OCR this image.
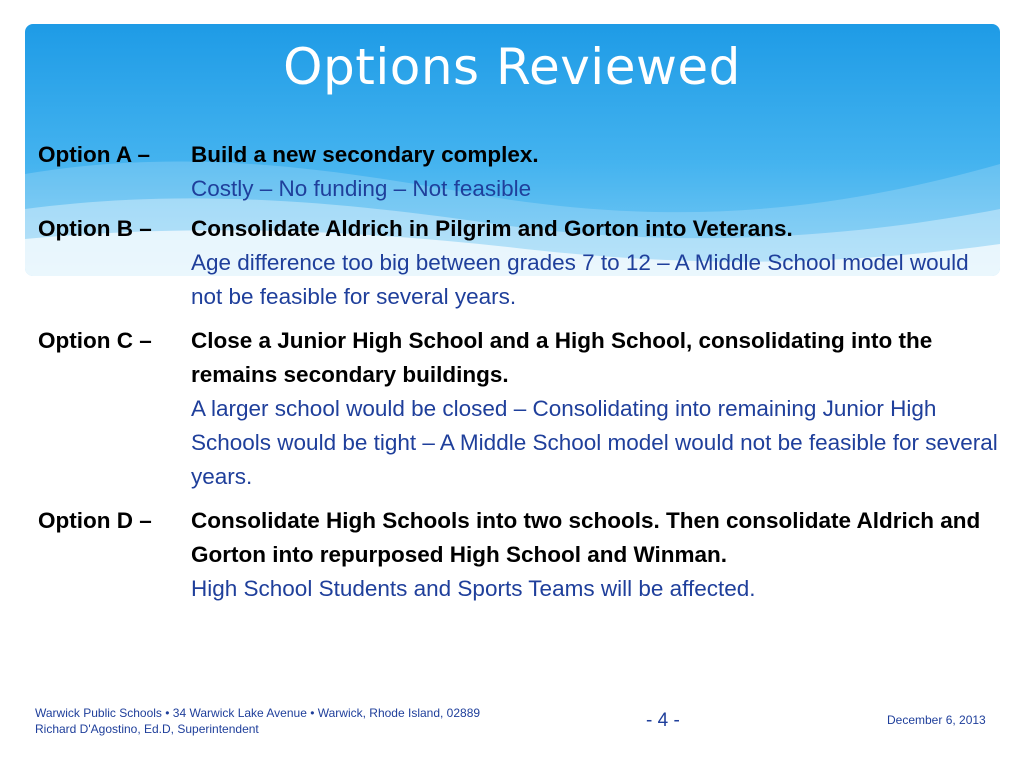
Options Reviewed
Option A – Build a new secondary complex.
Costly – No funding – Not feasible
Option B – Consolidate Aldrich in Pilgrim and Gorton into Veterans.
Age difference too big between grades 7 to 12 – A Middle School model would not be feasible for several years.
Option C – Close a Junior High School and a High School, consolidating into the remains secondary buildings.
A larger school would be closed – Consolidating into remaining Junior High Schools would be tight – A Middle School model would not be feasible for several years.
Option D – Consolidate High Schools into two schools. Then consolidate Aldrich and Gorton into repurposed High School and Winman.
High School Students and Sports Teams will be affected.
Warwick Public Schools • 34 Warwick Lake Avenue • Warwick, Rhode Island, 02889
Richard D'Agostino, Ed.D, Superintendent	- 4 -	December 6, 2013
